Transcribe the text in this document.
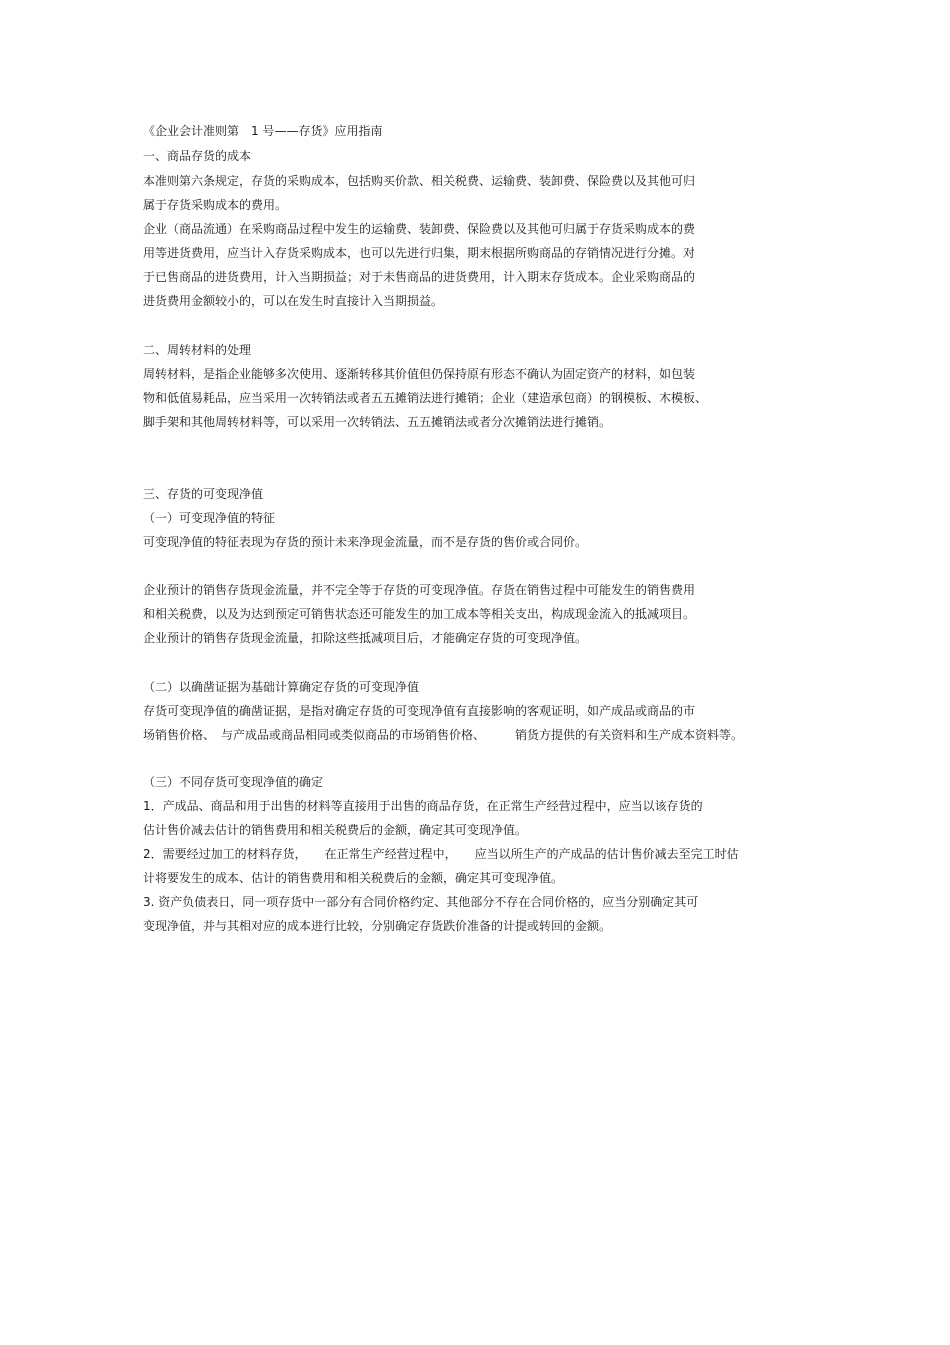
《企业会计准则第　1 号——存货》应用指南
一、商品存货的成本
本准则第六条规定，存货的采购成本，包括购买价款、相关税费、运输费、装卸费、保险费以及其他可归
属于存货采购成本的费用。
企业（商品流通）在采购商品过程中发生的运输费、装卸费、保险费以及其他可归属于存货采购成本的费
用等进货费用，应当计入存货采购成本，也可以先进行归集，期末根据所购商品的存销情况进行分摊。对
于已售商品的进货费用，计入当期损益；对于未售商品的进货费用，计入期末存货成本。企业采购商品的
进货费用金额较小的，可以在发生时直接计入当期损益。
二、周转材料的处理
周转材料，是指企业能够多次使用、逐渐转移其价值但仍保持原有形态不确认为固定资产的材料，如包装
物和低值易耗品，应当采用一次转销法或者五五摊销法进行摊销；企业（建造承包商）的钢模板、木模板、
脚手架和其他周转材料等，可以采用一次转销法、五五摊销法或者分次摊销法进行摊销。
三、存货的可变现净值
（一）可变现净值的特征
可变现净值的特征表现为存货的预计未来净现金流量，而不是存货的售价或合同价。
企业预计的销售存货现金流量，并不完全等于存货的可变现净值。存货在销售过程中可能发生的销售费用
和相关税费，以及为达到预定可销售状态还可能发生的加工成本等相关支出，构成现金流入的抵减项目。
企业预计的销售存货现金流量，扣除这些抵减项目后，才能确定存货的可变现净值。
（二）以确凿证据为基础计算确定存货的可变现净值
存货可变现净值的确凿证据，是指对确定存货的可变现净值有直接影响的客观证明，如产成品或商品的市
场销售价格、　与产成品或商品相同或类似商品的市场销售价格、　　　销货方提供的有关资料和生产成本资料等。
（三）不同存货可变现净值的确定
1．产成品、商品和用于出售的材料等直接用于出售的商品存货，在正常生产经营过程中，应当以该存货的
估计售价减去估计的销售费用和相关税费后的金额，确定其可变现净值。
2．需要经过加工的材料存货，　　在正常生产经营过程中，　　应当以所生产的产成品的估计售价减去至完工时估
计将要发生的成本、估计的销售费用和相关税费后的金额，确定其可变现净值。
3. 资产负债表日，同一项存货中一部分有合同价格约定、其他部分不存在合同价格的，应当分别确定其可
变现净值，并与其相对应的成本进行比较，分别确定存货跌价准备的计提或转回的金额。
